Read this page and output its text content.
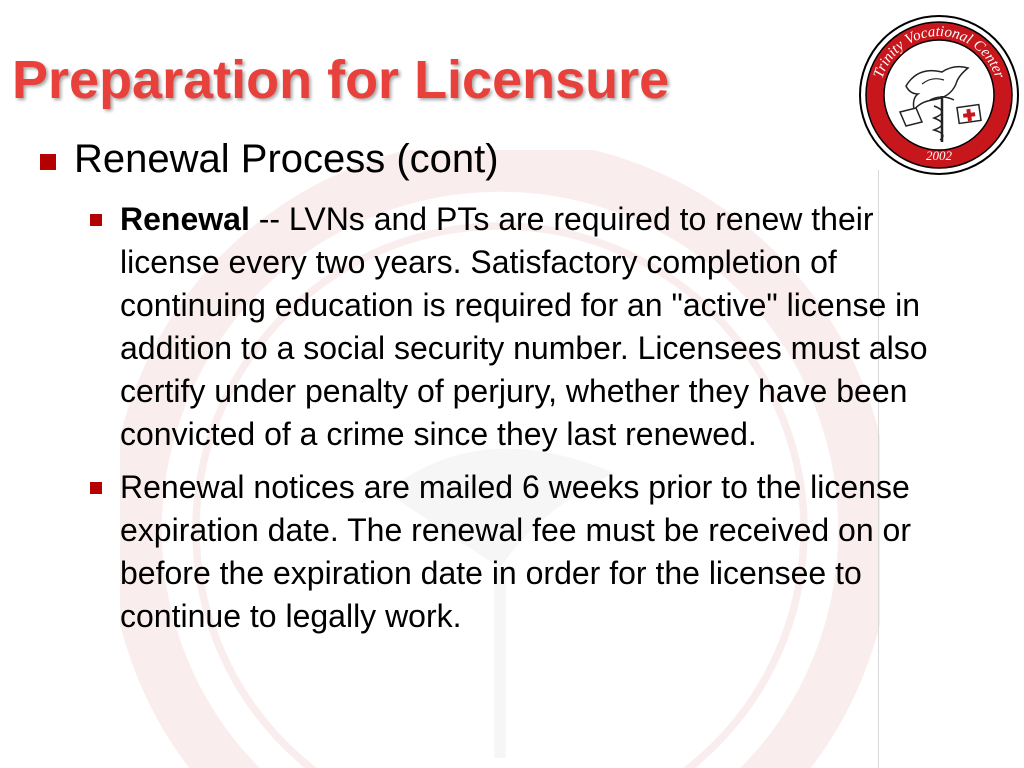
Preparation for Licensure	Trinity Vocational Center
2002
Renewal Process (cont)
Renewal -- LVNs and PTs are required to renew their license every two years. Satisfactory completion of continuing education is required for an "active" license in addition to a social security number. Licensees must also certify under penalty of perjury, whether they have been convicted of a crime since they last renewed.
Renewal notices are mailed 6 weeks prior to the license expiration date. The renewal fee must be received on or before the expiration date in order for the licensee to continue to legally work.
